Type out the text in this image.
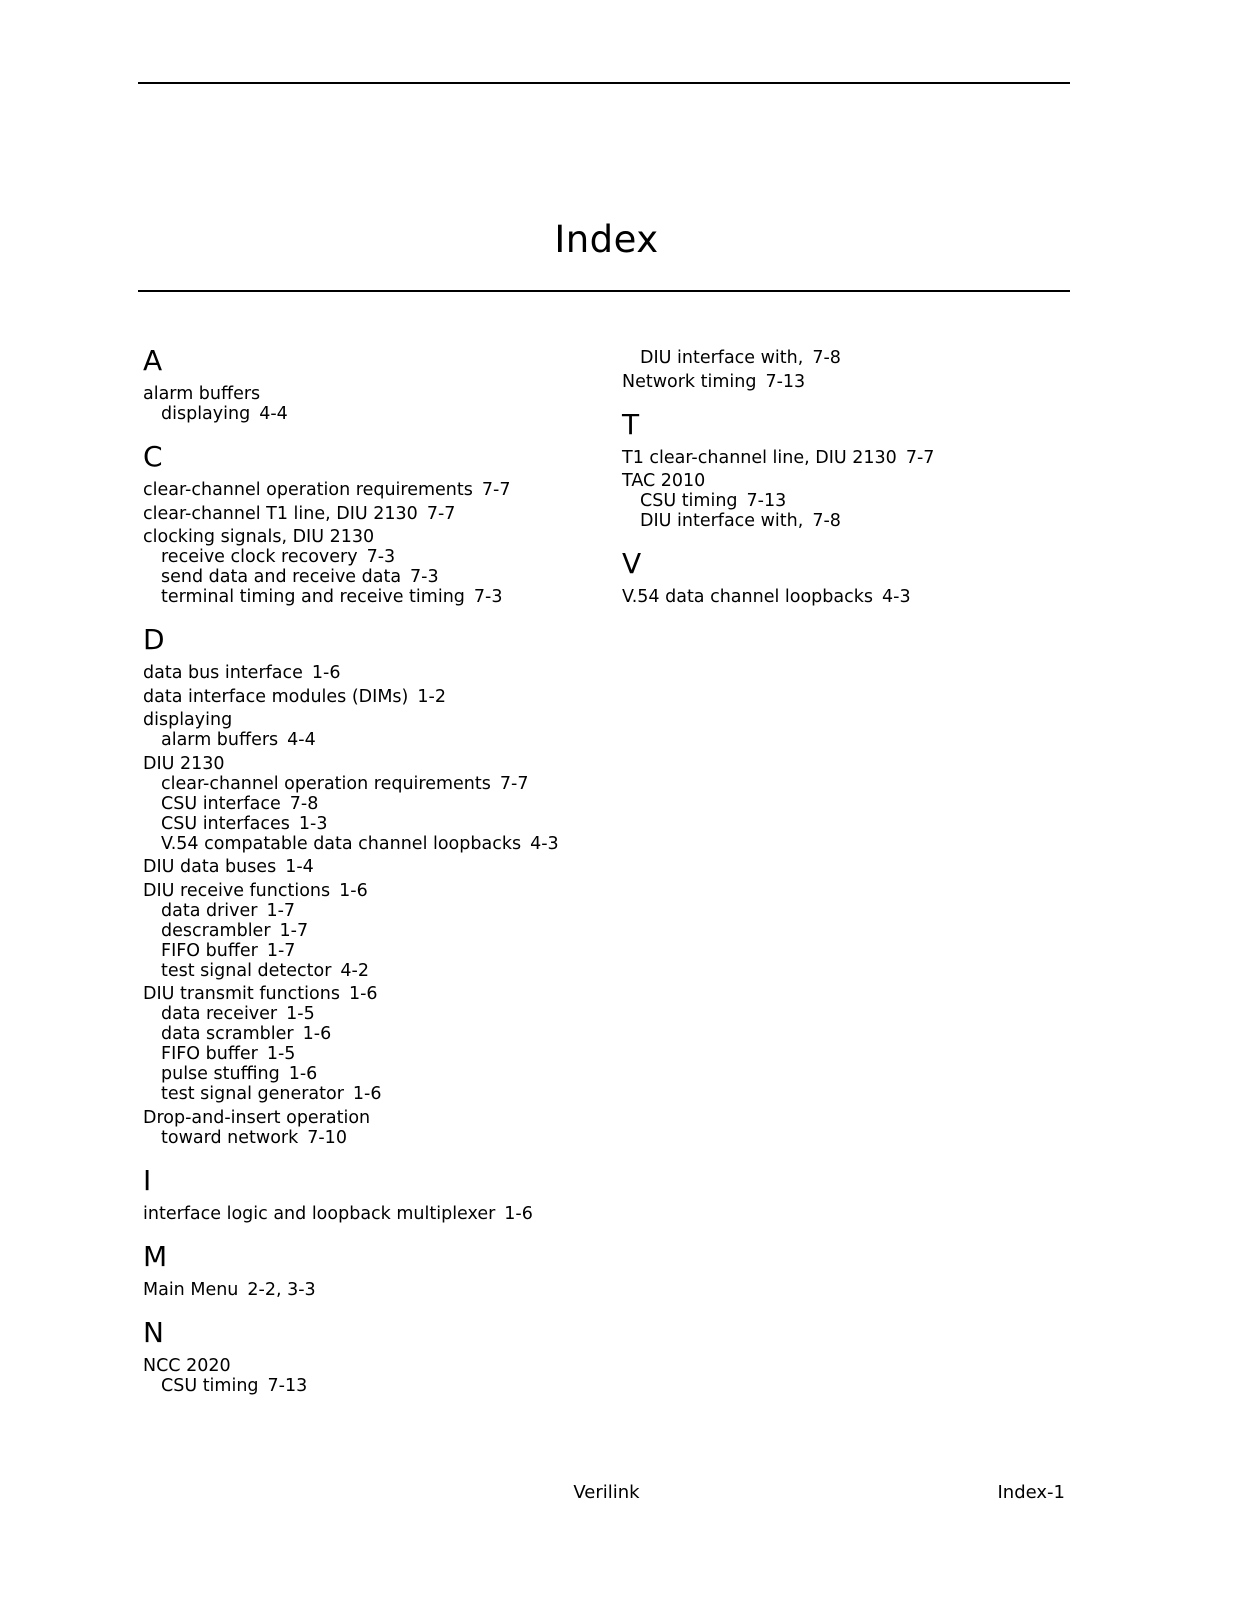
Index
A
alarm buffers
displaying 4-4
C
clear-channel operation requirements 7-7
clear-channel T1 line, DIU 2130 7-7
clocking signals, DIU 2130
receive clock recovery 7-3
send data and receive data 7-3
terminal timing and receive timing 7-3
D
data bus interface 1-6
data interface modules (DIMs) 1-2
displaying
alarm buffers 4-4
DIU 2130
clear-channel operation requirements 7-7
CSU interface 7-8
CSU interfaces 1-3
V.54 compatable data channel loopbacks 4-3
DIU data buses 1-4
DIU receive functions 1-6
data driver 1-7
descrambler 1-7
FIFO buffer 1-7
test signal detector 4-2
DIU transmit functions 1-6
data receiver 1-5
data scrambler 1-6
FIFO buffer 1-5
pulse stuffing 1-6
test signal generator 1-6
Drop-and-insert operation
toward network 7-10
I
interface logic and loopback multiplexer 1-6
M
Main Menu 2-2, 3-3
N
NCC 2020
CSU timing 7-13
DIU interface with, 7-8
Network timing 7-13
T
T1 clear-channel line, DIU 2130 7-7
TAC 2010
CSU timing 7-13
DIU interface with, 7-8
V
V.54 data channel loopbacks 4-3
Verilink	Index-1
